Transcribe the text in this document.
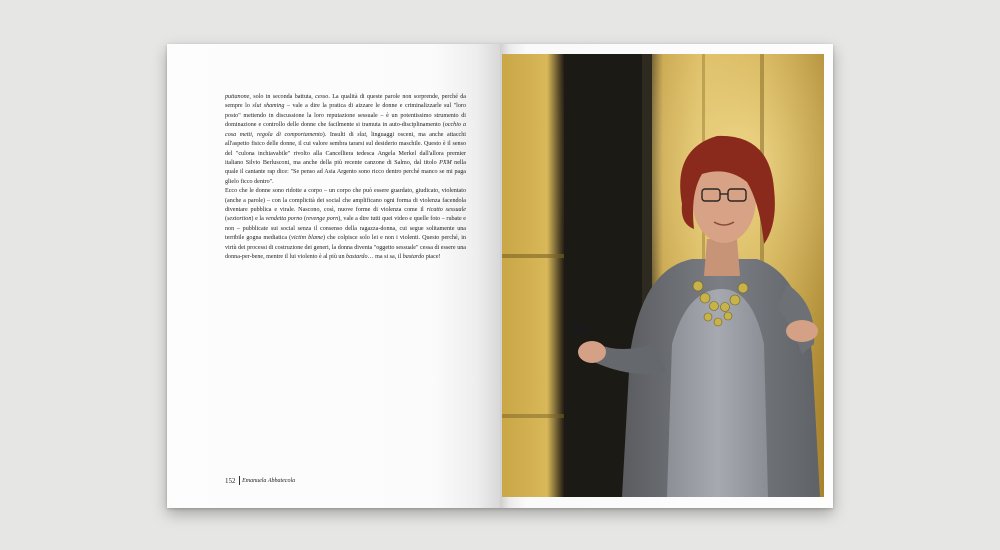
puttanone, solo in seconda battuta, cesso. La qualità di queste parole non sorprende, perché da sempre lo slut shaming – vale a dire la pratica di aizzare le donne e criminalizzarle sul "loro posto" mettendo in discussione la loro reputazione sessuale – è un potentissimo strumento di dominazione e controllo delle donne che facilmente si tramuta in auto-disciplinamento (occhio a cosa metti, regola di comportamento). Insulti di slut, linguaggi osceni, ma anche attacchi all'aspetto fisico delle donne, il cui valore sembra tararsi sul desiderio maschile. Questo è il senso del "culona inchiavabile" rivolto alla Cancelliera tedesca Angela Merkel dall'allora premier italiano Silvio Berlusconi, ma anche della più recente canzone di Salmo, dal titolo PXM nella quale il cantante rap dice: "Se penso ad Asia Argento sono ricco dentro perché manco se mi paga glielo ficco dentro".

Ecco che le donne sono ridotte a corpo – un corpo che può essere guardato, giudicato, violentato (anche a parole) – con la complicità dei social che amplificano ogni forma di violenza facendola diventare pubblica e virale. Nascono, così, nuove forme di violenza come il ricatto sessuale (sextortion) e la vendetta porno (revenge porn), vale a dire tutti quei video e quelle foto – rubate e non – pubblicate sui social senza il consenso della ragazza-donna, cui segue solitamente una terribile gogna mediatica (victim blame) che colpisce solo lei e non i violenti. Questo perché, in virtù dei processi di costruzione dei generi, la donna diventa "oggetto sessuale" cessa di essere una donna-per-bene, mentre il lui violento è al più un bastardo… ma si sa, il bastardo piace!

152 Emanuela Abbatecola
